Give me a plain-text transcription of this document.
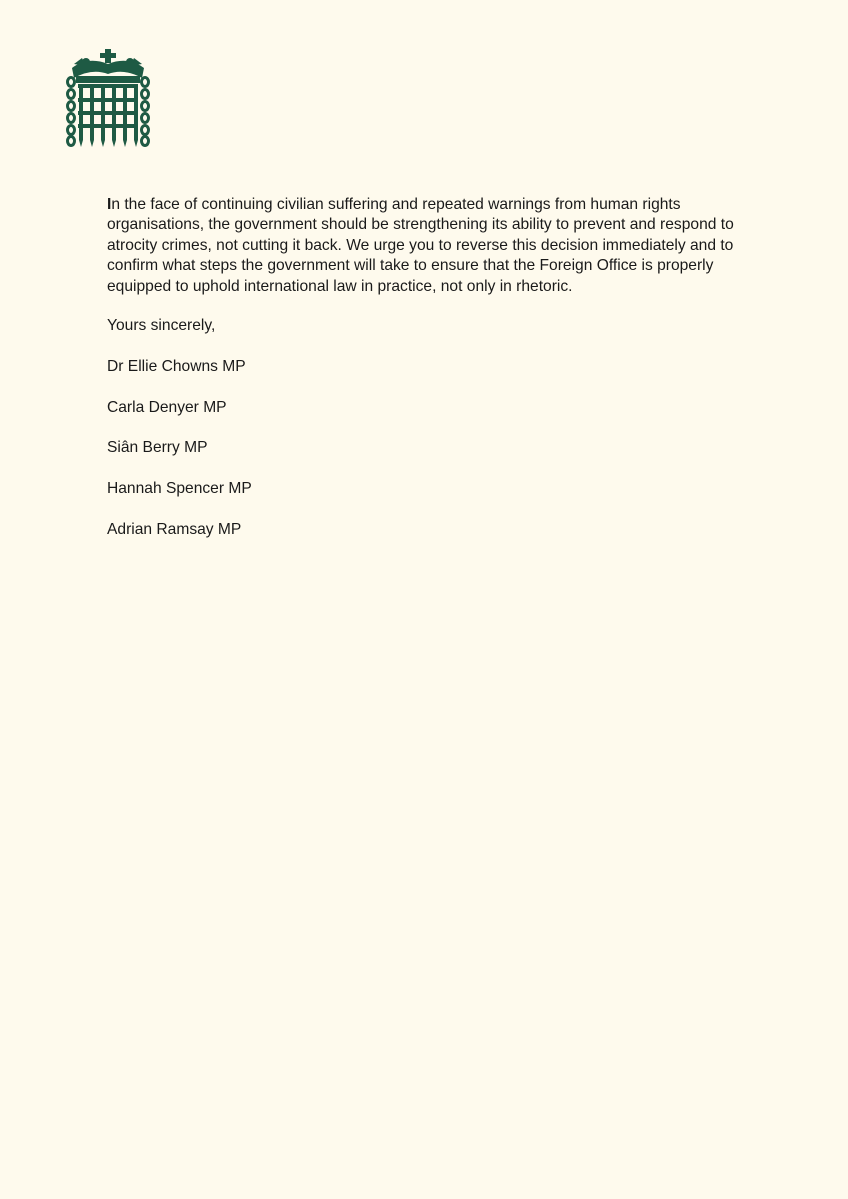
In the face of continuing civilian suffering and repeated warnings from human rights organisations, the government should be strengthening its ability to prevent and respond to atrocity crimes, not cutting it back. We urge you to reverse this decision immediately and to confirm what steps the government will take to ensure that the Foreign Office is properly equipped to uphold international law in practice, not only in rhetoric.

Yours sincerely,

Dr Ellie Chowns MP
Carla Denyer MP
Siân Berry MP
Hannah Spencer MP
Adrian Ramsay MP
